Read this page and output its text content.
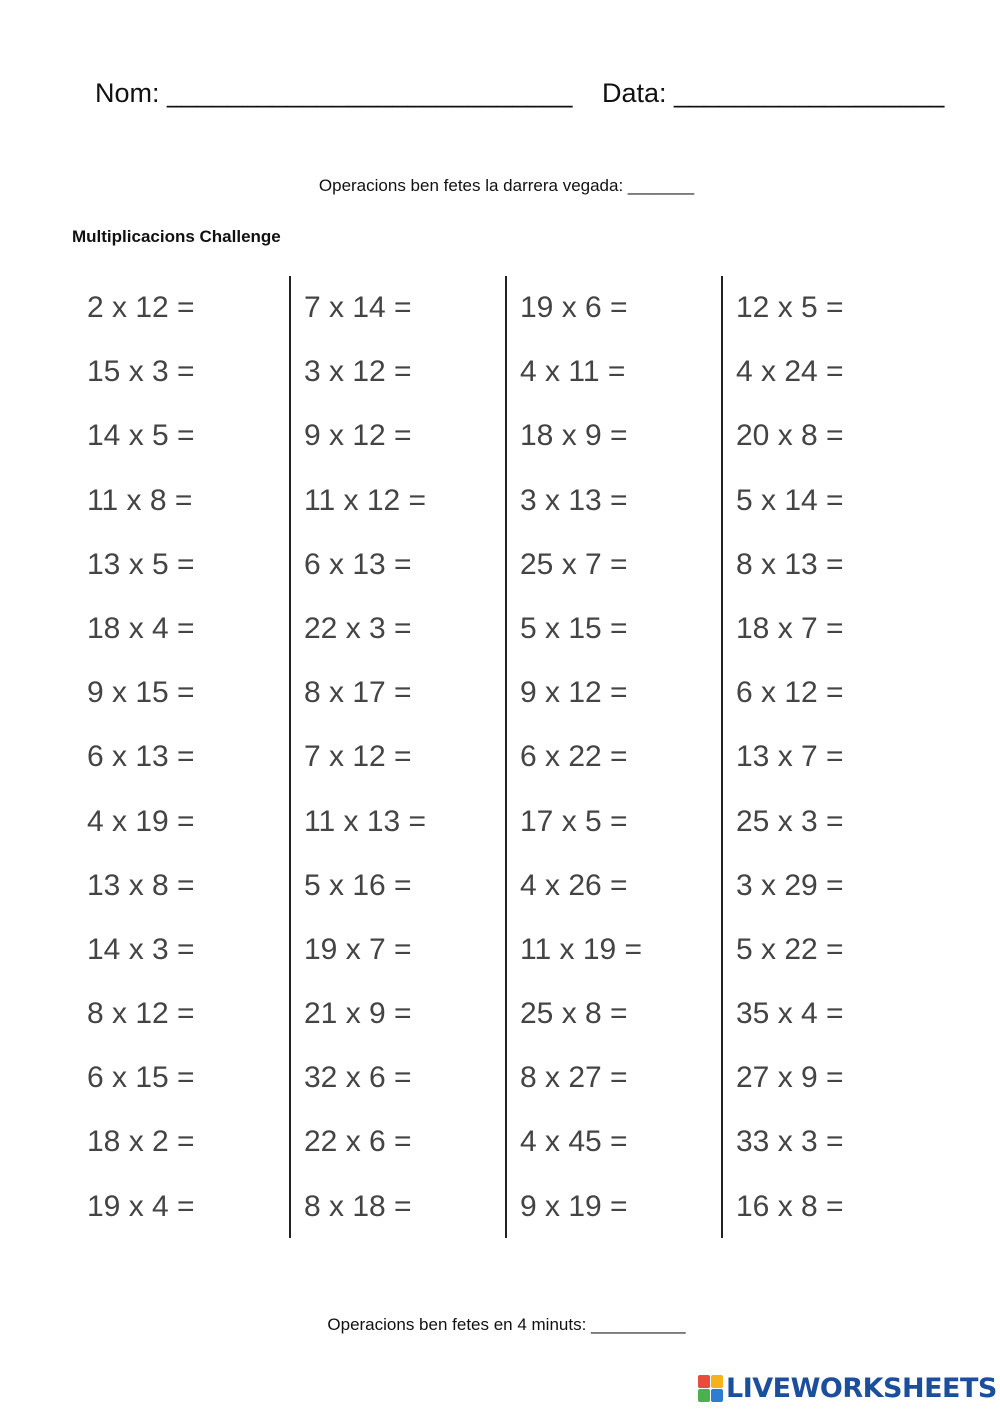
Nom: ___________________________ Data: __________________
Operacions ben fetes la darrera vegada: _______
Multiplicacions Challenge
2 x 12 =
15 x 3 =
14 x 5 =
11 x 8 =
13 x 5 =
18 x 4 =
9 x 15 =
6 x 13 =
4 x 19 =
13 x 8 =
14 x 3 =
8 x 12 =
6 x 15 =
18 x 2 =
19 x 4 =
7 x 14 =
3 x 12 =
9 x 12 =
11 x 12 =
6 x 13 =
22 x 3 =
8 x 17 =
7 x 12 =
11 x 13 =
5 x 16 =
19 x 7 =
21 x 9 =
32 x 6 =
22 x 6 =
8 x 18 =
19 x 6 =
4 x 11 =
18 x 9 =
3 x 13 =
25 x 7 =
5 x 15 =
9 x 12 =
6 x 22 =
17 x 5 =
4 x 26 =
11 x 19 =
25 x 8 =
8 x 27 =
4 x 45 =
9 x 19 =
12 x 5 =
4 x 24 =
20 x 8 =
5 x 14 =
8 x 13 =
18 x 7 =
6 x 12 =
13 x 7 =
25 x 3 =
3 x 29 =
5 x 22 =
35 x 4 =
27 x 9 =
33 x 3 =
16 x 8 =
Operacions ben fetes en 4 minuts: __________
LIVEWORKSHEETS
